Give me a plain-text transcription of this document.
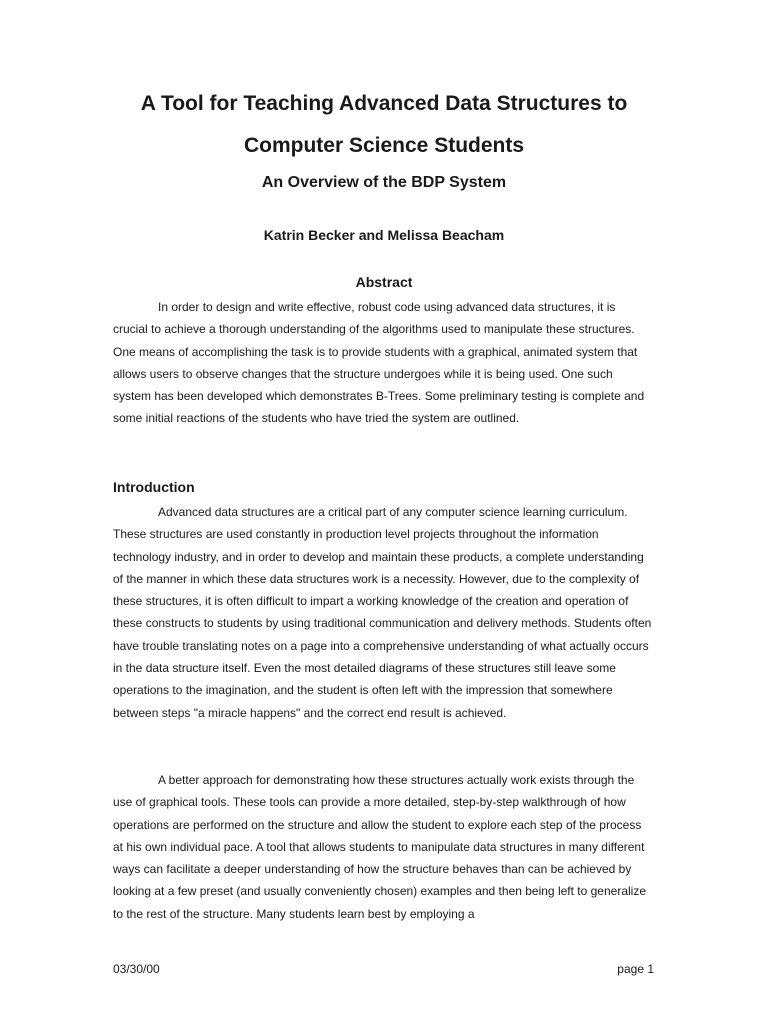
A Tool for Teaching Advanced Data Structures to
Computer Science Students
An Overview of the BDP System

Katrin Becker and Melissa Beacham

Abstract

In order to design and write effective, robust code using advanced data structures, it is crucial to achieve a thorough understanding of the algorithms used to manipulate these structures. One means of accomplishing the task is to provide students with a graphical, animated system that allows users to observe changes that the structure undergoes while it is being used. One such system has been developed which demonstrates B-Trees. Some preliminary testing is complete and some initial reactions of the students who have tried the system are outlined.

Introduction

Advanced data structures are a critical part of any computer science learning curriculum. These structures are used constantly in production level projects throughout the information technology industry, and in order to develop and maintain these products, a complete understanding of the manner in which these data structures work is a necessity. However, due to the complexity of these structures, it is often difficult to impart a working knowledge of the creation and operation of these constructs to students by using traditional communication and delivery methods. Students often have trouble translating notes on a page into a comprehensive understanding of what actually occurs in the data structure itself. Even the most detailed diagrams of these structures still leave some operations to the imagination, and the student is often left with the impression that somewhere between steps "a miracle happens" and the correct end result is achieved.

A better approach for demonstrating how these structures actually work exists through the use of graphical tools. These tools can provide a more detailed, step-by-step walkthrough of how operations are performed on the structure and allow the student to explore each step of the process at his own individual pace. A tool that allows students to manipulate data structures in many different ways can facilitate a deeper understanding of how the structure behaves than can be achieved by looking at a few preset (and usually conveniently chosen) examples and then being left to generalize to the rest of the structure. Many students learn best by employing a

03/30/00	page 1
